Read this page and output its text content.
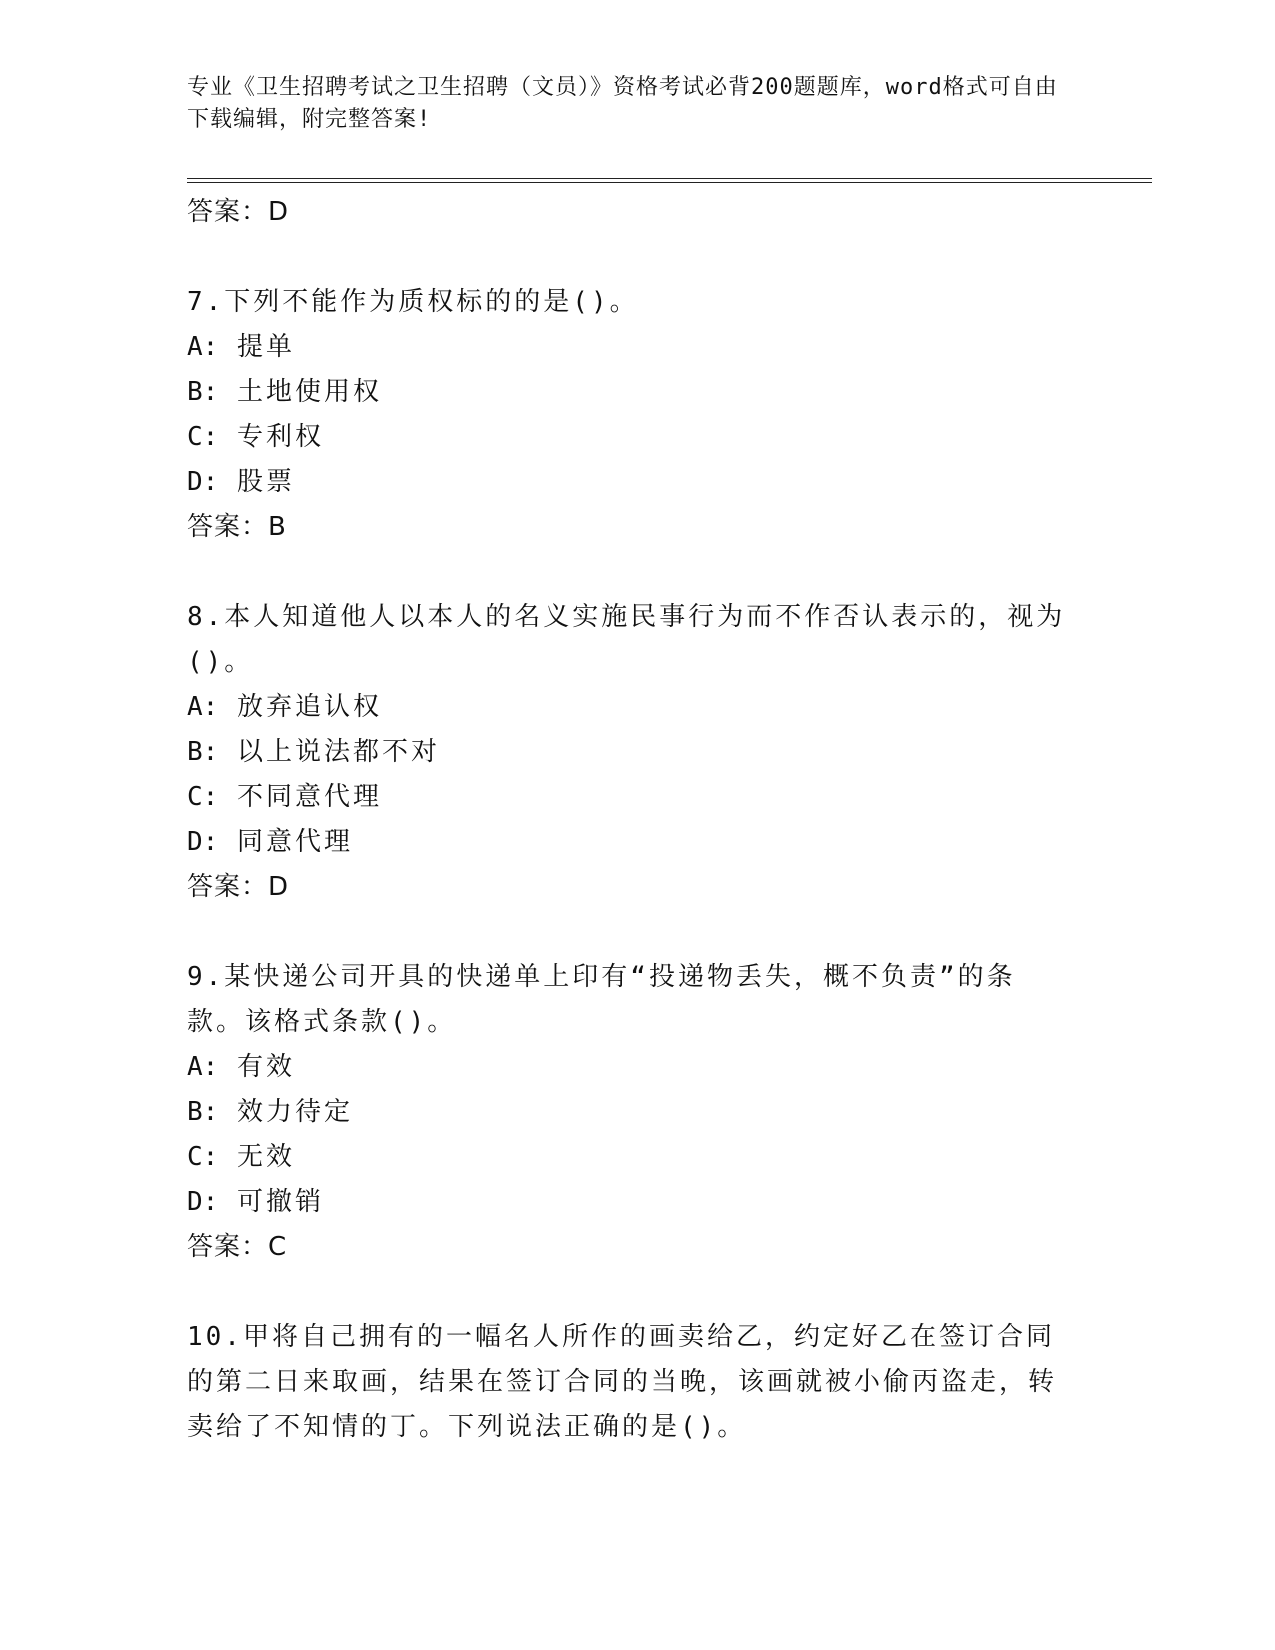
专业《卫生招聘考试之卫生招聘（文员）》资格考试必背200题题库，word格式可自由下载编辑，附完整答案!
答案：D
7.下列不能作为质权标的的是()。
A: 提单
B: 土地使用权
C: 专利权
D: 股票
答案：B
8.本人知道他人以本人的名义实施民事行为而不作否认表示的，视为()。
A: 放弃追认权
B: 以上说法都不对
C: 不同意代理
D: 同意代理
答案：D
9.某快递公司开具的快递单上印有“投递物丢失，概不负责”的条款。该格式条款()。
A: 有效
B: 效力待定
C: 无效
D: 可撤销
答案：C
10.甲将自己拥有的一幅名人所作的画卖给乙，约定好乙在签订合同的第二日来取画，结果在签订合同的当晚，该画就被小偷丙盗走，转卖给了不知情的丁。下列说法正确的是()。
